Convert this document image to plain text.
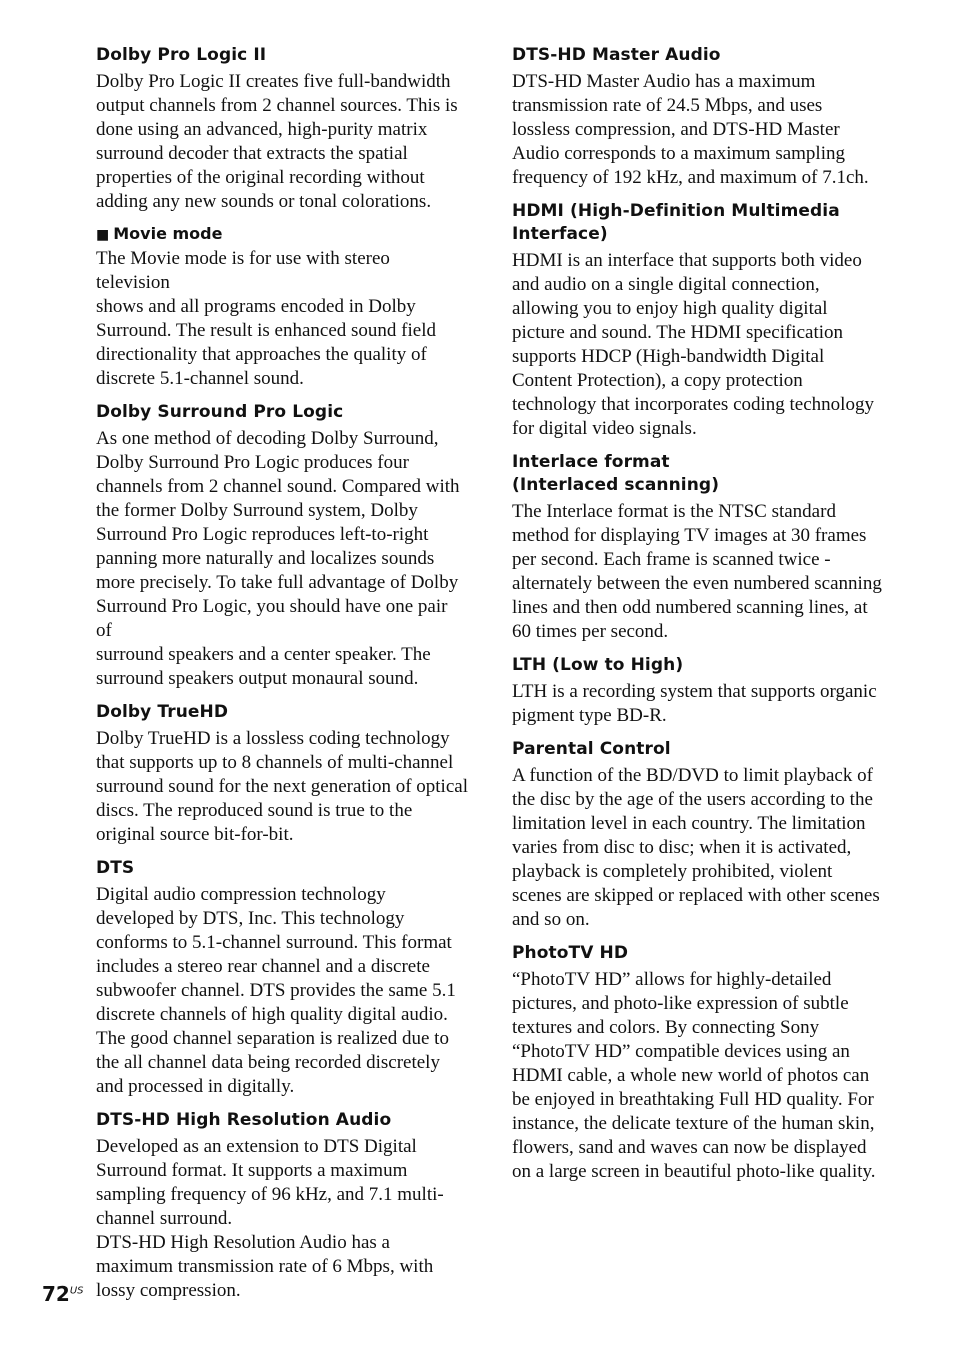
Dolby Pro Logic II

Dolby Pro Logic II creates five full-bandwidth
output channels from 2 channel sources. This is
done using an advanced, high-purity matrix
surround decoder that extracts the spatial
properties of the original recording without
adding any new sounds or tonal colorations.

■ Movie mode

The Movie mode is for use with stereo television
shows and all programs encoded in Dolby
Surround. The result is enhanced sound field
directionality that approaches the quality of
discrete 5.1-channel sound.

Dolby Surround Pro Logic

As one method of decoding Dolby Surround,
Dolby Surround Pro Logic produces four
channels from 2 channel sound. Compared with
the former Dolby Surround system, Dolby
Surround Pro Logic reproduces left-to-right
panning more naturally and localizes sounds
more precisely. To take full advantage of Dolby
Surround Pro Logic, you should have one pair of
surround speakers and a center speaker. The
surround speakers output monaural sound.

Dolby TrueHD

Dolby TrueHD is a lossless coding technology
that supports up to 8 channels of multi-channel
surround sound for the next generation of optical
discs. The reproduced sound is true to the
original source bit-for-bit.

DTS

Digital audio compression technology
developed by DTS, Inc. This technology
conforms to 5.1-channel surround. This format
includes a stereo rear channel and a discrete
subwoofer channel. DTS provides the same 5.1
discrete channels of high quality digital audio.
The good channel separation is realized due to
the all channel data being recorded discretely
and processed in digitally.

DTS-HD High Resolution Audio

Developed as an extension to DTS Digital
Surround format. It supports a maximum
sampling frequency of 96 kHz, and 7.1 multi-
channel surround.
DTS-HD High Resolution Audio has a
maximum transmission rate of 6 Mbps, with
lossy compression.

DTS-HD Master Audio

DTS-HD Master Audio has a maximum
transmission rate of 24.5 Mbps, and uses
lossless compression, and DTS-HD Master
Audio corresponds to a maximum sampling
frequency of 192 kHz, and maximum of 7.1ch.

HDMI (High-Definition Multimedia
Interface)

HDMI is an interface that supports both video
and audio on a single digital connection,
allowing you to enjoy high quality digital
picture and sound. The HDMI specification
supports HDCP (High-bandwidth Digital
Content Protection), a copy protection
technology that incorporates coding technology
for digital video signals.

Interlace format
(Interlaced scanning)

The Interlace format is the NTSC standard
method for displaying TV images at 30 frames
per second. Each frame is scanned twice -
alternately between the even numbered scanning
lines and then odd numbered scanning lines, at
60 times per second.

LTH (Low to High)

LTH is a recording system that supports organic
pigment type BD-R.

Parental Control

A function of the BD/DVD to limit playback of
the disc by the age of the users according to the
limitation level in each country. The limitation
varies from disc to disc; when it is activated,
playback is completely prohibited, violent
scenes are skipped or replaced with other scenes
and so on.

PhotoTV HD

“PhotoTV HD” allows for highly-detailed
pictures, and photo-like expression of subtle
textures and colors. By connecting Sony
“PhotoTV HD” compatible devices using an
HDMI cable, a whole new world of photos can
be enjoyed in breathtaking Full HD quality. For
instance, the delicate texture of the human skin,
flowers, sand and waves can now be displayed
on a large screen in beautiful photo-like quality.

$72^{US}$
